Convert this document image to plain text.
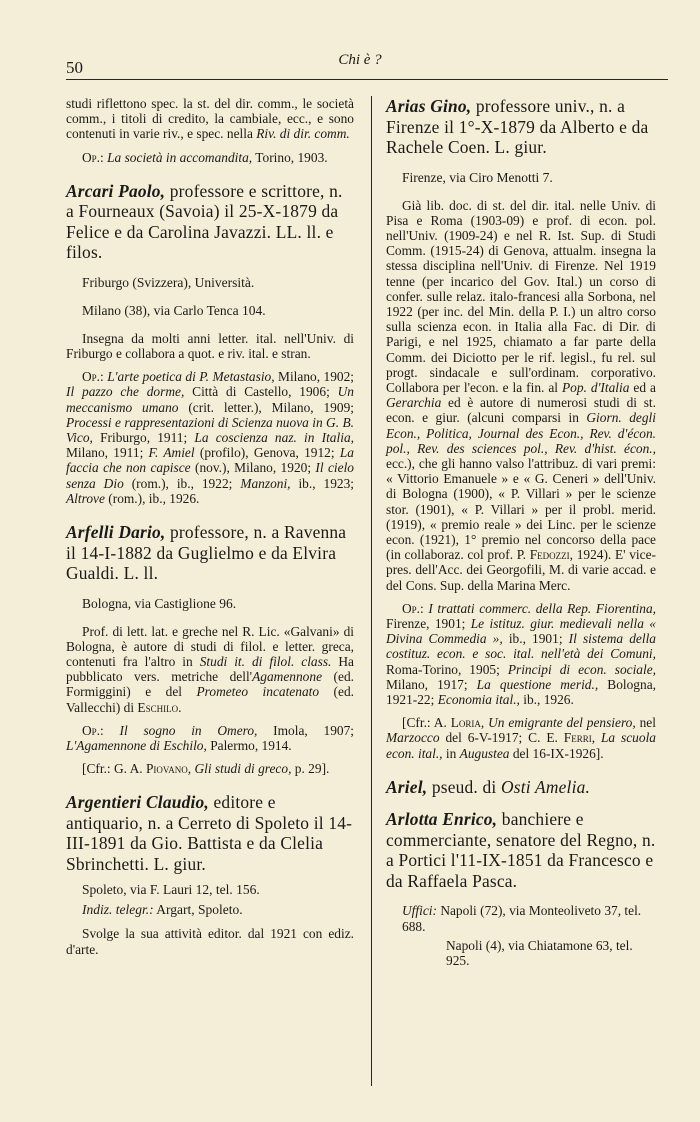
50	Chi è ?

studi riflettono spec. la st. del dir. comm., le società comm., i titoli di credito, la cambiale, ecc., e sono contenuti in varie riv., e spec. nella Riv. di dir. comm.

Op.: La società in accomandita, Torino, 1903.

Arcari Paolo, professore e scrittore, n. a Fourneaux (Savoia) il 25-X-1879 da Felice e da Carolina Javazzi. LL. ll. e filos.

Friburgo (Svizzera), Università.

Milano (38), via Carlo Tenca 104.

Insegna da molti anni letter. ital. nell'Univ. di Friburgo e collabora a quot. e riv. ital. e stran.

Op.: L'arte poetica di P. Metastasio, Milano, 1902; Il pazzo che dorme, Città di Castello, 1906; Un meccanismo umano (crit. letter.), Milano, 1909; Processi e rappresentazioni di Scienza nuova in G. B. Vico, Friburgo, 1911; La coscienza naz. in Italia, Milano, 1911; F. Amiel (profilo), Genova, 1912; La faccia che non capisce (nov.), Milano, 1920; Il cielo senza Dio (rom.), ib., 1922; Manzoni, ib., 1923; Altrove (rom.), ib., 1926.

Arfelli Dario, professore, n. a Ravenna il 14-I-1882 da Guglielmo e da Elvira Gualdi. L. ll.

Bologna, via Castiglione 96.

Prof. di lett. lat. e greche nel R. Lic. «Galvani» di Bologna, è autore di studi di filol. e letter. greca, contenuti fra l'altro in Studi it. di filol. class. Ha pubblicato vers. metriche dell'Agamennone (ed. Formiggini) e del Prometeo incatenato (ed. Vallecchi) di Eschilo.

Op.: Il sogno in Omero, Imola, 1907; L'Agamennone di Eschilo, Palermo, 1914.

[Cfr.: G. A. Piovano, Gli studi di greco, p. 29].

Argentieri Claudio, editore e antiquario, n. a Cerreto di Spoleto il 14-III-1891 da Gio. Battista e da Clelia Sbrinchetti. L. giur.

Spoleto, via F. Lauri 12, tel. 156.

Indiz. telegr.: Argart, Spoleto.

Svolge la sua attività editor. dal 1921 con ediz. d'arte.

Arias Gino, professore univ., n. a Firenze il 1°-X-1879 da Alberto e da Rachele Coen. L. giur.

Firenze, via Ciro Menotti 7.

Già lib. doc. di st. del dir. ital. nelle Univ. di Pisa e Roma (1903-09) e prof. di econ. pol. nell'Univ. (1909-24) e nel R. Ist. Sup. di Studi Comm. (1915-24) di Genova, attualm. insegna la stessa disciplina nell'Univ. di Firenze. Nel 1919 tenne (per incarico del Gov. Ital.) un corso di confer. sulle relaz. italo-francesi alla Sorbona, nel 1922 (per inc. del Min. della P. I.) un altro corso sulla scienza econ. in Italia alla Fac. di Dir. di Parigi, e nel 1925, chiamato a far parte della Comm. dei Diciotto per le rif. legisl., fu rel. sul progt. sindacale e sull'ordinam. corporativo. Collabora per l'econ. e la fin. al Pop. d'Italia ed a Gerarchia ed è autore di numerosi studi di st. econ. e giur. (alcuni comparsi in Giorn. degli Econ., Politica, Journal des Econ., Rev. d'écon. pol., Rev. des sciences pol., Rev. d'hist. écon., ecc.), che gli hanno valso l'attribuz. di vari premi: « Vittorio Emanuele » e « G. Ceneri » dell'Univ. di Bologna (1900), « P. Villari » per le scienze stor. (1901), « P. Villari » per il probl. merid. (1919), « premio reale » dei Linc. per le scienze econ. (1921), 1° premio nel concorso della pace (in collaboraz. col prof. P. Fedozzi, 1924). E' vice-pres. dell'Acc. dei Georgofili, M. di varie accad. e del Cons. Sup. della Marina Merc.

Op.: I trattati commerc. della Rep. Fiorentina, Firenze, 1901; Le istituz. giur. medievali nella « Divina Commedia », ib., 1901; Il sistema della costituz. econ. e soc. ital. nell'età dei Comuni, Roma-Torino, 1905; Principi di econ. sociale, Milano, 1917; La questione merid., Bologna, 1921-22; Economia ital., ib., 1926.

[Cfr.: A. Loria, Un emigrante del pensiero, nel Marzocco del 6-V-1917; C. E. Ferri, La scuola econ. ital., in Augustea del 16-IX-1926].

Ariel, pseud. di Osti Amelia.

Arlotta Enrico, banchiere e commerciante, senatore del Regno, n. a Portici l'11-IX-1851 da Francesco e da Raffaela Pasca.

Uffici: Napoli (72), via Monteoliveto 37, tel. 688.

Napoli (4), via Chiatamone 63, tel. 925.
